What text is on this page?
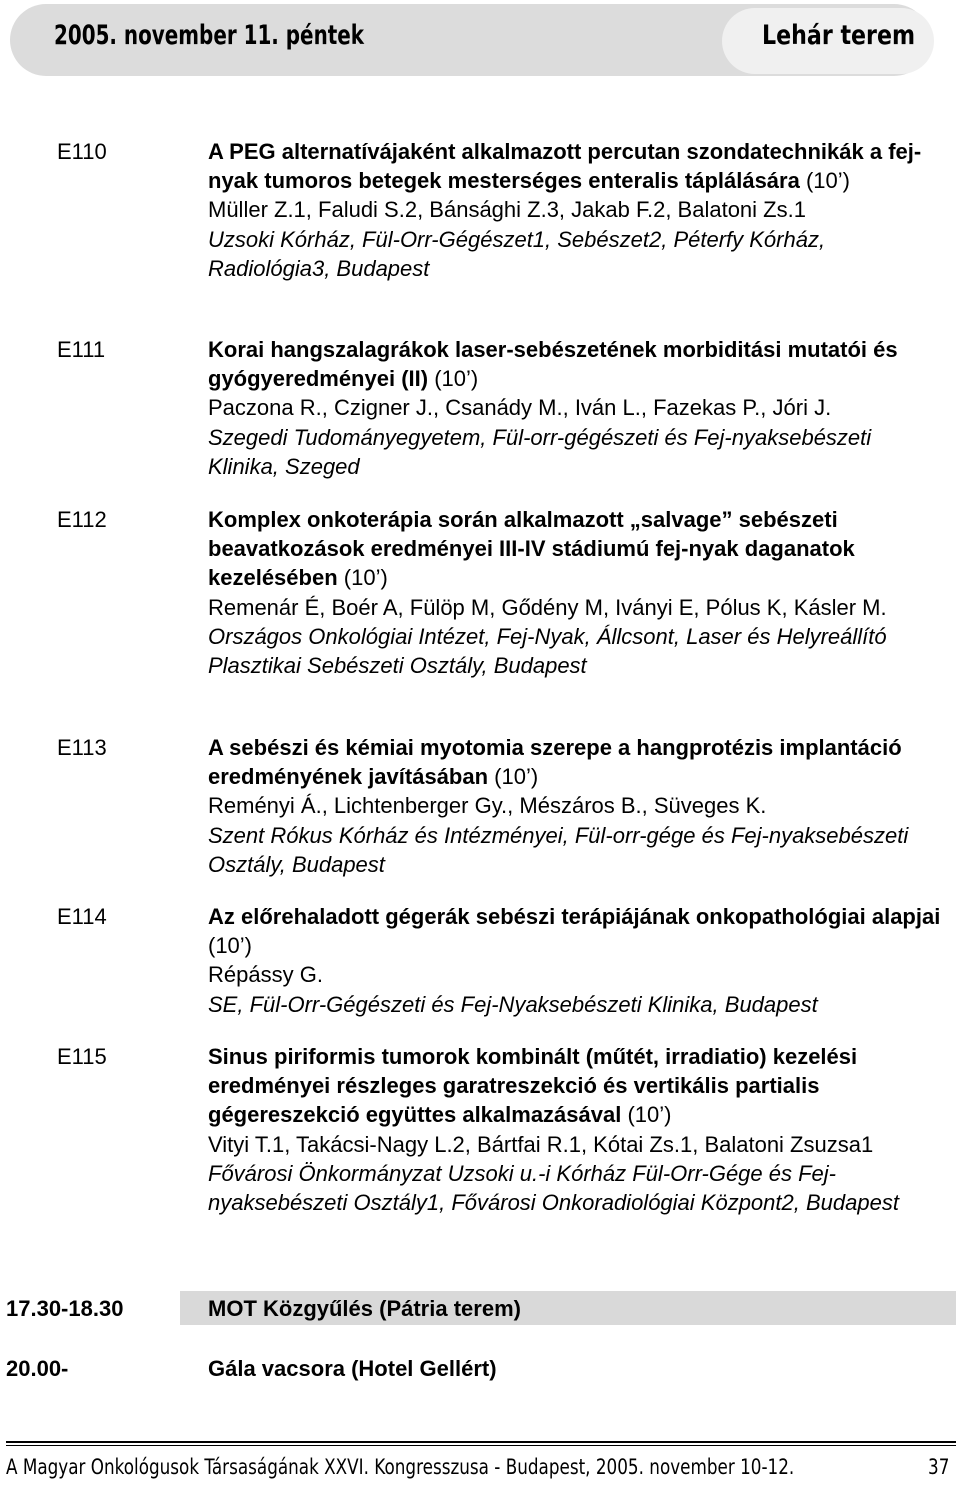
2005. november 11. péntek	Lehár terem
E110	A PEG alternatívájaként alkalmazott percutan szondatechnikák a fej-nyak tumoros betegek mesterséges enteralis táplálására (10’)
Müller Z.1, Faludi S.2, Bánsághi Z.3, Jakab F.2, Balatoni Zs.1
Uzsoki Kórház, Fül-Orr-Gégészet1, Sebészet2, Péterfy Kórház, Radiológia3, Budapest
E111	Korai hangszalagrákok laser-sebészetének morbiditási mutatói és gyógyeredményei (II) (10’)
Paczona R., Czigner J., Csanády M., Iván L., Fazekas P., Jóri J.
Szegedi Tudományegyetem, Fül-orr-gégészeti és Fej-nyaksebészeti Klinika, Szeged
E112	Komplex onkoterápia során alkalmazott „salvage” sebészeti beavatkozások eredményei III-IV stádiumú fej-nyak daganatok kezelésében (10’)
Remenár É, Boér A, Fülöp M, Gődény M, Iványi E, Pólus K, Kásler M.
Országos Onkológiai Intézet, Fej-Nyak, Állcsont, Laser és Helyreállító Plasztikai Sebészeti Osztály, Budapest
E113	A sebészi és kémiai myotomia szerepe a hangprotézis implantáció eredményének javításában (10’)
Reményi Á., Lichtenberger Gy., Mészáros B., Süveges K.
Szent Rókus Kórház és Intézményei, Fül-orr-gége és Fej-nyaksebészeti Osztály, Budapest
E114	Az előrehaladott gégerák sebészi terápiájának onkopathológiai alapjai (10’)
Répássy G.
SE, Fül-Orr-Gégészeti és Fej-Nyaksebészeti Klinika, Budapest
E115	Sinus piriformis tumorok kombinált (műtét, irradiatio) kezelési eredményei részleges garatreszekció és vertikális partialis gégereszekció együttes alkalmazásával (10’)
Vityi T.1, Takácsi-Nagy L.2, Bártfai R.1, Kótai Zs.1, Balatoni Zsuzsa1
Fővárosi Önkormányzat Uzsoki u.-i Kórház Fül-Orr-Gége és Fej-nyaksebészeti Osztály1, Fővárosi Onkoradiológiai Központ2, Budapest
17.30-18.30	MOT Közgyűlés (Pátria terem)
20.00-	Gála vacsora (Hotel Gellért)
A Magyar Onkológusok Társaságának XXVI. Kongresszusa - Budapest, 2005. november 10-12.	37
